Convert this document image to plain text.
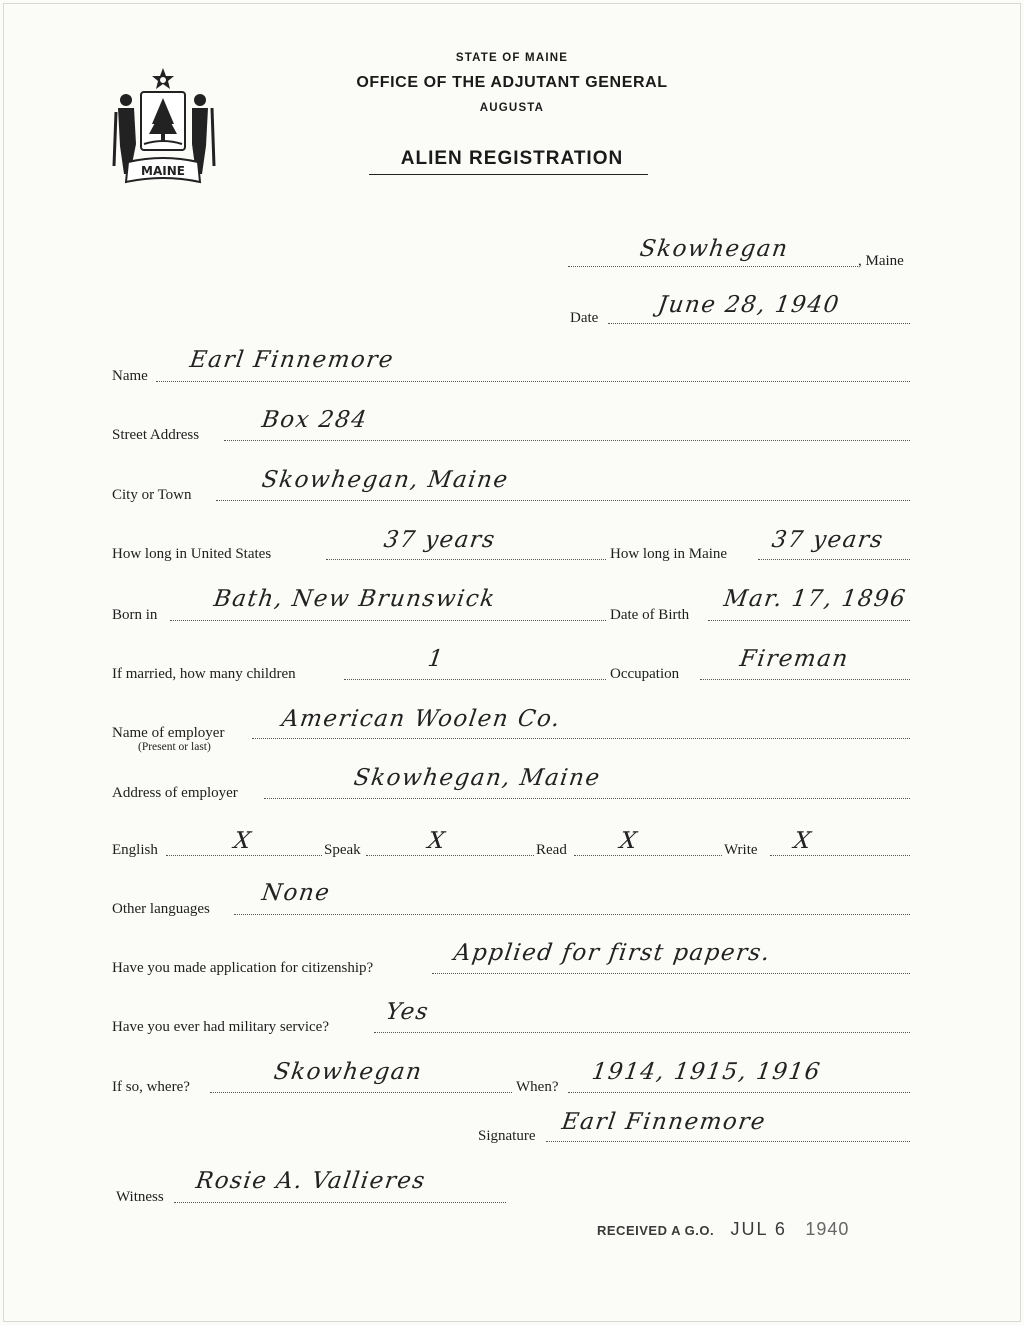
MAINE
STATE OF MAINE
OFFICE OF THE ADJUTANT GENERAL
AUGUSTA
ALIEN REGISTRATION
Skowhegan	, Maine
Date	June 28, 1940
Name
Earl Finnemore
Street Address
Box 284
City or Town
Skowhegan, Maine
How long in United States
37 years
How long in Maine
37 years
Born in
Bath, New Brunswick
Date of Birth
Mar. 17, 1896
If married, how many children
1
Occupation
Fireman
Name of employer
(Present or last)
American Woolen Co.
Address of employer
Skowhegan, Maine
English	X	Speak	X	Read X	Write X
Other languages
None
Have you made application for citizenship?
Applied for first papers.
Have you ever had military service?
Yes
If so, where?
Skowhegan
When?
1914, 1915, 1916
Signature
Earl Finnemore
Witness
Rosie A. Vallieres
RECEIVED A G.O. JUL 6 1940
